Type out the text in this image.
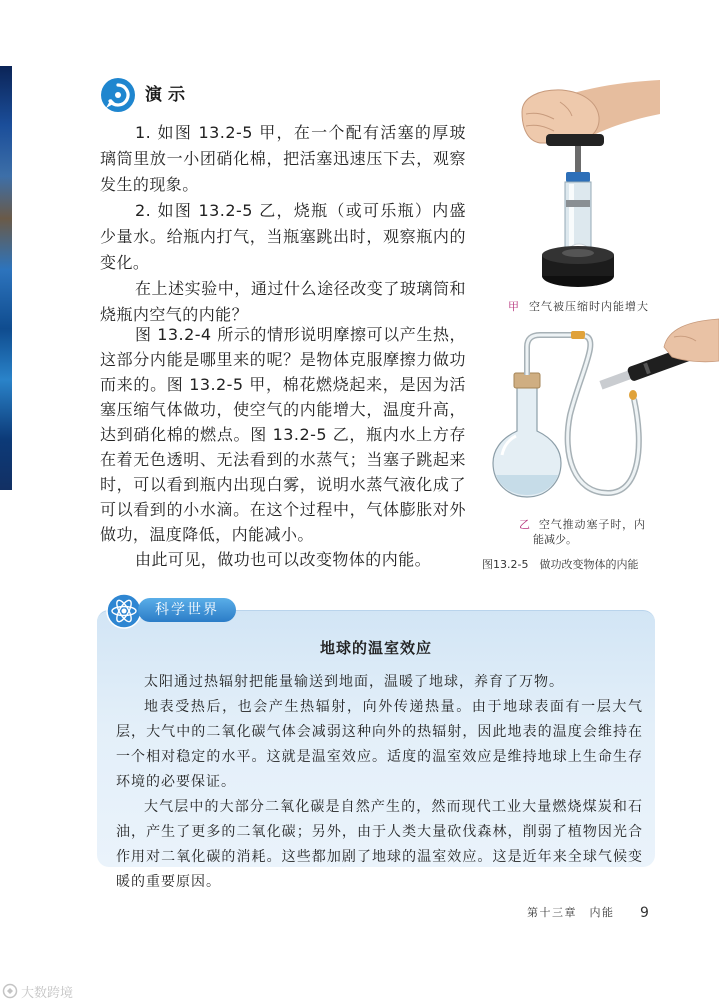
演示

1. 如图 13.2-5 甲，在一个配有活塞的厚玻璃筒里放一小团硝化棉，把活塞迅速压下去，观察发生的现象。

2. 如图 13.2-5 乙，烧瓶（或可乐瓶）内盛少量水。给瓶内打气，当瓶塞跳出时，观察瓶内的变化。

在上述实验中，通过什么途径改变了玻璃筒和烧瓶内空气的内能？

图 13.2-4 所示的情形说明摩擦可以产生热，这部分内能是哪里来的呢？是物体克服摩擦力做功而来的。图 13.2-5 甲，棉花燃烧起来，是因为活塞压缩气体做功，使空气的内能增大，温度升高，达到硝化棉的燃点。图 13.2-5 乙，瓶内水上方存在着无色透明、无法看到的水蒸气；当塞子跳起来时，可以看到瓶内出现白雾，说明水蒸气液化成了可以看到的小水滴。在这个过程中，气体膨胀对外做功，温度降低，内能减小。

由此可见，做功也可以改变物体的内能。

甲 空气被压缩时内能增大
乙 空气推动塞子时，内能减少。
图13.2-5　做功改变物体的内能
科学世界
地球的温室效应

太阳通过热辐射把能量输送到地面，温暖了地球，养育了万物。

地表受热后，也会产生热辐射，向外传递热量。由于地球表面有一层大气层，大气中的二氧化碳气体会减弱这种向外的热辐射，因此地表的温度会维持在一个相对稳定的水平。这就是温室效应。适度的温室效应是维持地球上生命生存环境的必要保证。

大气层中的大部分二氧化碳是自然产生的，然而现代工业大量燃烧煤炭和石油，产生了更多的二氧化碳；另外，由于人类大量砍伐森林，削弱了植物因光合作用对二氧化碳的消耗。这些都加剧了地球的温室效应。这是近年来全球气候变暖的重要原因。

第十三章　内能 9
大数跨境
